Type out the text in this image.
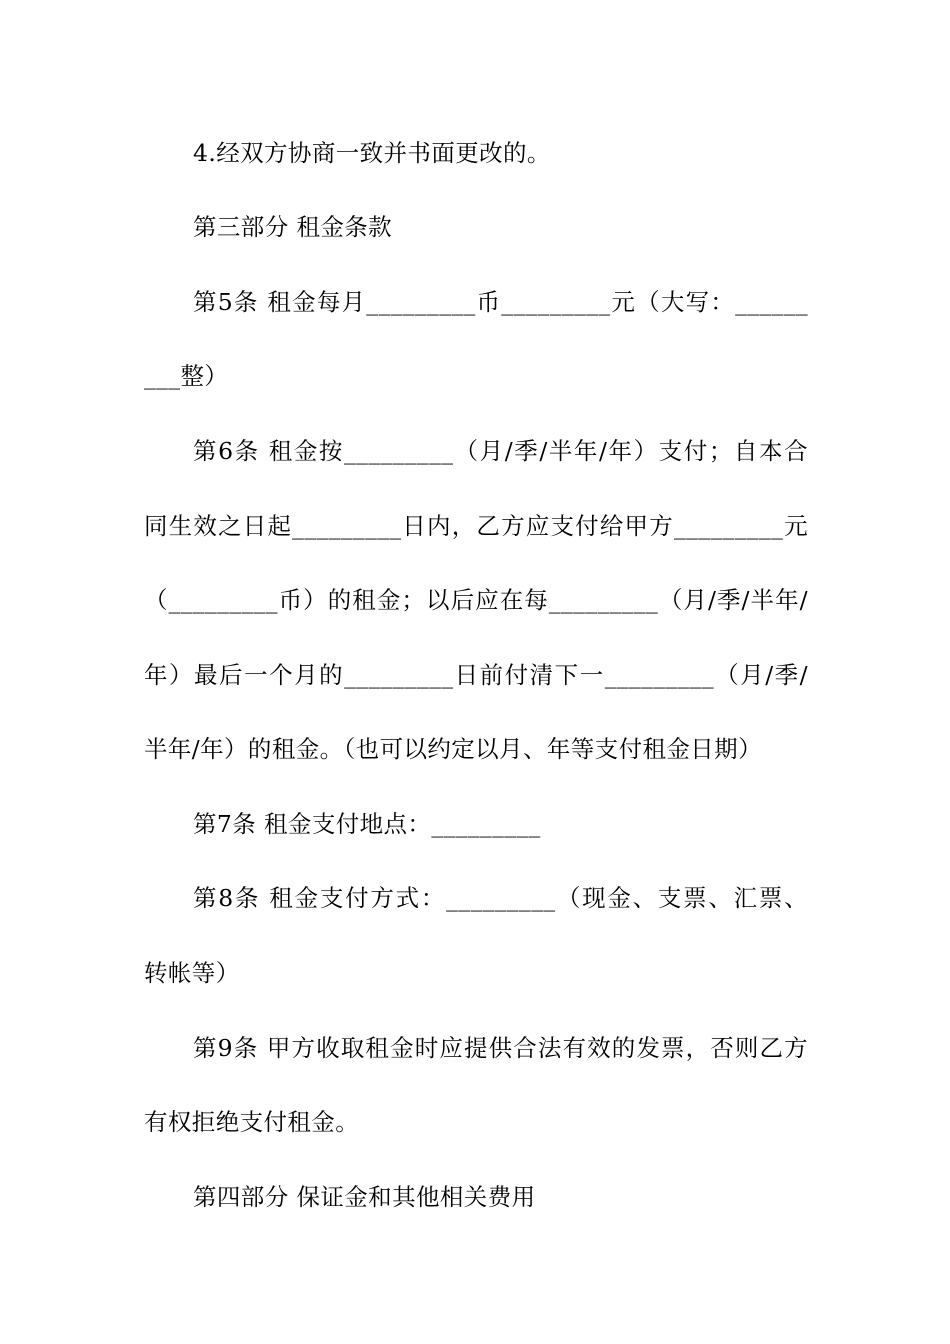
4.经双方协商一致并书面更改的。
第三部分 租金条款
第5条 租金每月_________币_________元（大写：______
___整）
第6条 租金按_________（月/季/半年/年）支付；自本合
同生效之日起_________日内，乙方应支付给甲方_________元
（_________币）的租金；以后应在每_________（月/季/半年/
年）最后一个月的_________日前付清下一_________（月/季/
半年/年）的租金。（也可以约定以月、年等支付租金日期）
第7条 租金支付地点：_________
第8条 租金支付方式：_________（现金、支票、汇票、
转帐等）
第9条 甲方收取租金时应提供合法有效的发票，否则乙方
有权拒绝支付租金。
第四部分 保证金和其他相关费用
